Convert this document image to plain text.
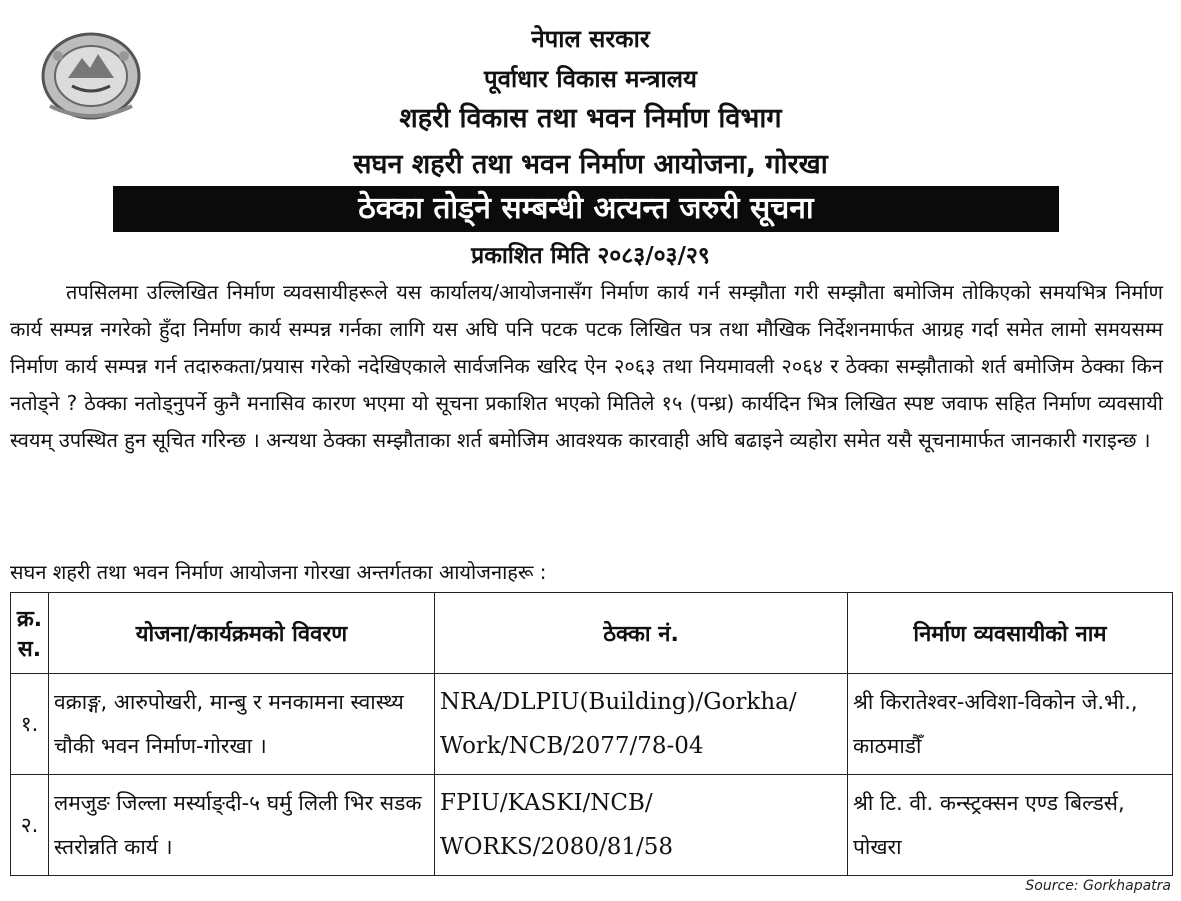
नेपाल सरकार
पूर्वाधार विकास मन्त्रालय
शहरी विकास तथा भवन निर्माण विभाग
सघन शहरी तथा भवन निर्माण आयोजना, गोरखा
ठेक्का तोड्ने सम्बन्धी अत्यन्त जरुरी सूचना
प्रकाशित मिति २०८३/०३/२९

तपसिलमा उल्लिखित निर्माण व्यवसायीहरूले यस कार्यालय/आयोजनासँग निर्माण कार्य गर्न सम्झौता गरी सम्झौता बमोजिम तोकिएको समयभित्र निर्माण कार्य सम्पन्न नगरेको हुँदा निर्माण कार्य सम्पन्न गर्नका लागि यस अघि पनि पटक पटक लिखित पत्र तथा मौखिक निर्देशनमार्फत आग्रह गर्दा समेत लामो समयसम्म निर्माण कार्य सम्पन्न गर्न तदारुकता/प्रयास गरेको नदेखिएकाले सार्वजनिक खरिद ऐन २०६३ तथा नियमावली २०६४ र ठेक्का सम्झौताको शर्त बमोजिम ठेक्का किन नतोड्ने ? ठेक्का नतोड्नुपर्ने कुनै मनासिव कारण भएमा यो सूचना प्रकाशित भएको मितिले १५ (पन्ध्र) कार्यदिन भित्र लिखित स्पष्ट जवाफ सहित निर्माण व्यवसायी स्वयम् उपस्थित हुन सूचित गरिन्छ । अन्यथा ठेक्का सम्झौताका शर्त बमोजिम आवश्यक कारवाही अघि बढाइने व्यहोरा समेत यसै सूचनामार्फत जानकारी गराइन्छ ।

सघन शहरी तथा भवन निर्माण आयोजना गोरखा अन्तर्गतका आयोजनाहरू :
क्र. स.	योजना/कार्यक्रमको विवरण	ठेक्का नं.	निर्माण व्यवसायीको नाम
१.	वक्राङ्ग, आरुपोखरी, मान्बु र मनकामना स्वास्थ्य चौकी भवन निर्माण-गोरखा ।	NRA/DLPIU(Building)/Gorkha/ Work/NCB/2077/78-04	श्री किरातेश्वर-अविशा-विकोन जे.भी., काठमाडौँ
२.	लमजुङ जिल्ला मर्स्याङ्दी-५ घर्मु लिली भिर सडक स्तरोन्नति कार्य ।	FPIU/KASKI/NCB/ WORKS/2080/81/58	श्री टि. वी. कन्स्ट्रक्सन एण्ड बिल्डर्स, पोखरा
Source: Gorkhapatra
